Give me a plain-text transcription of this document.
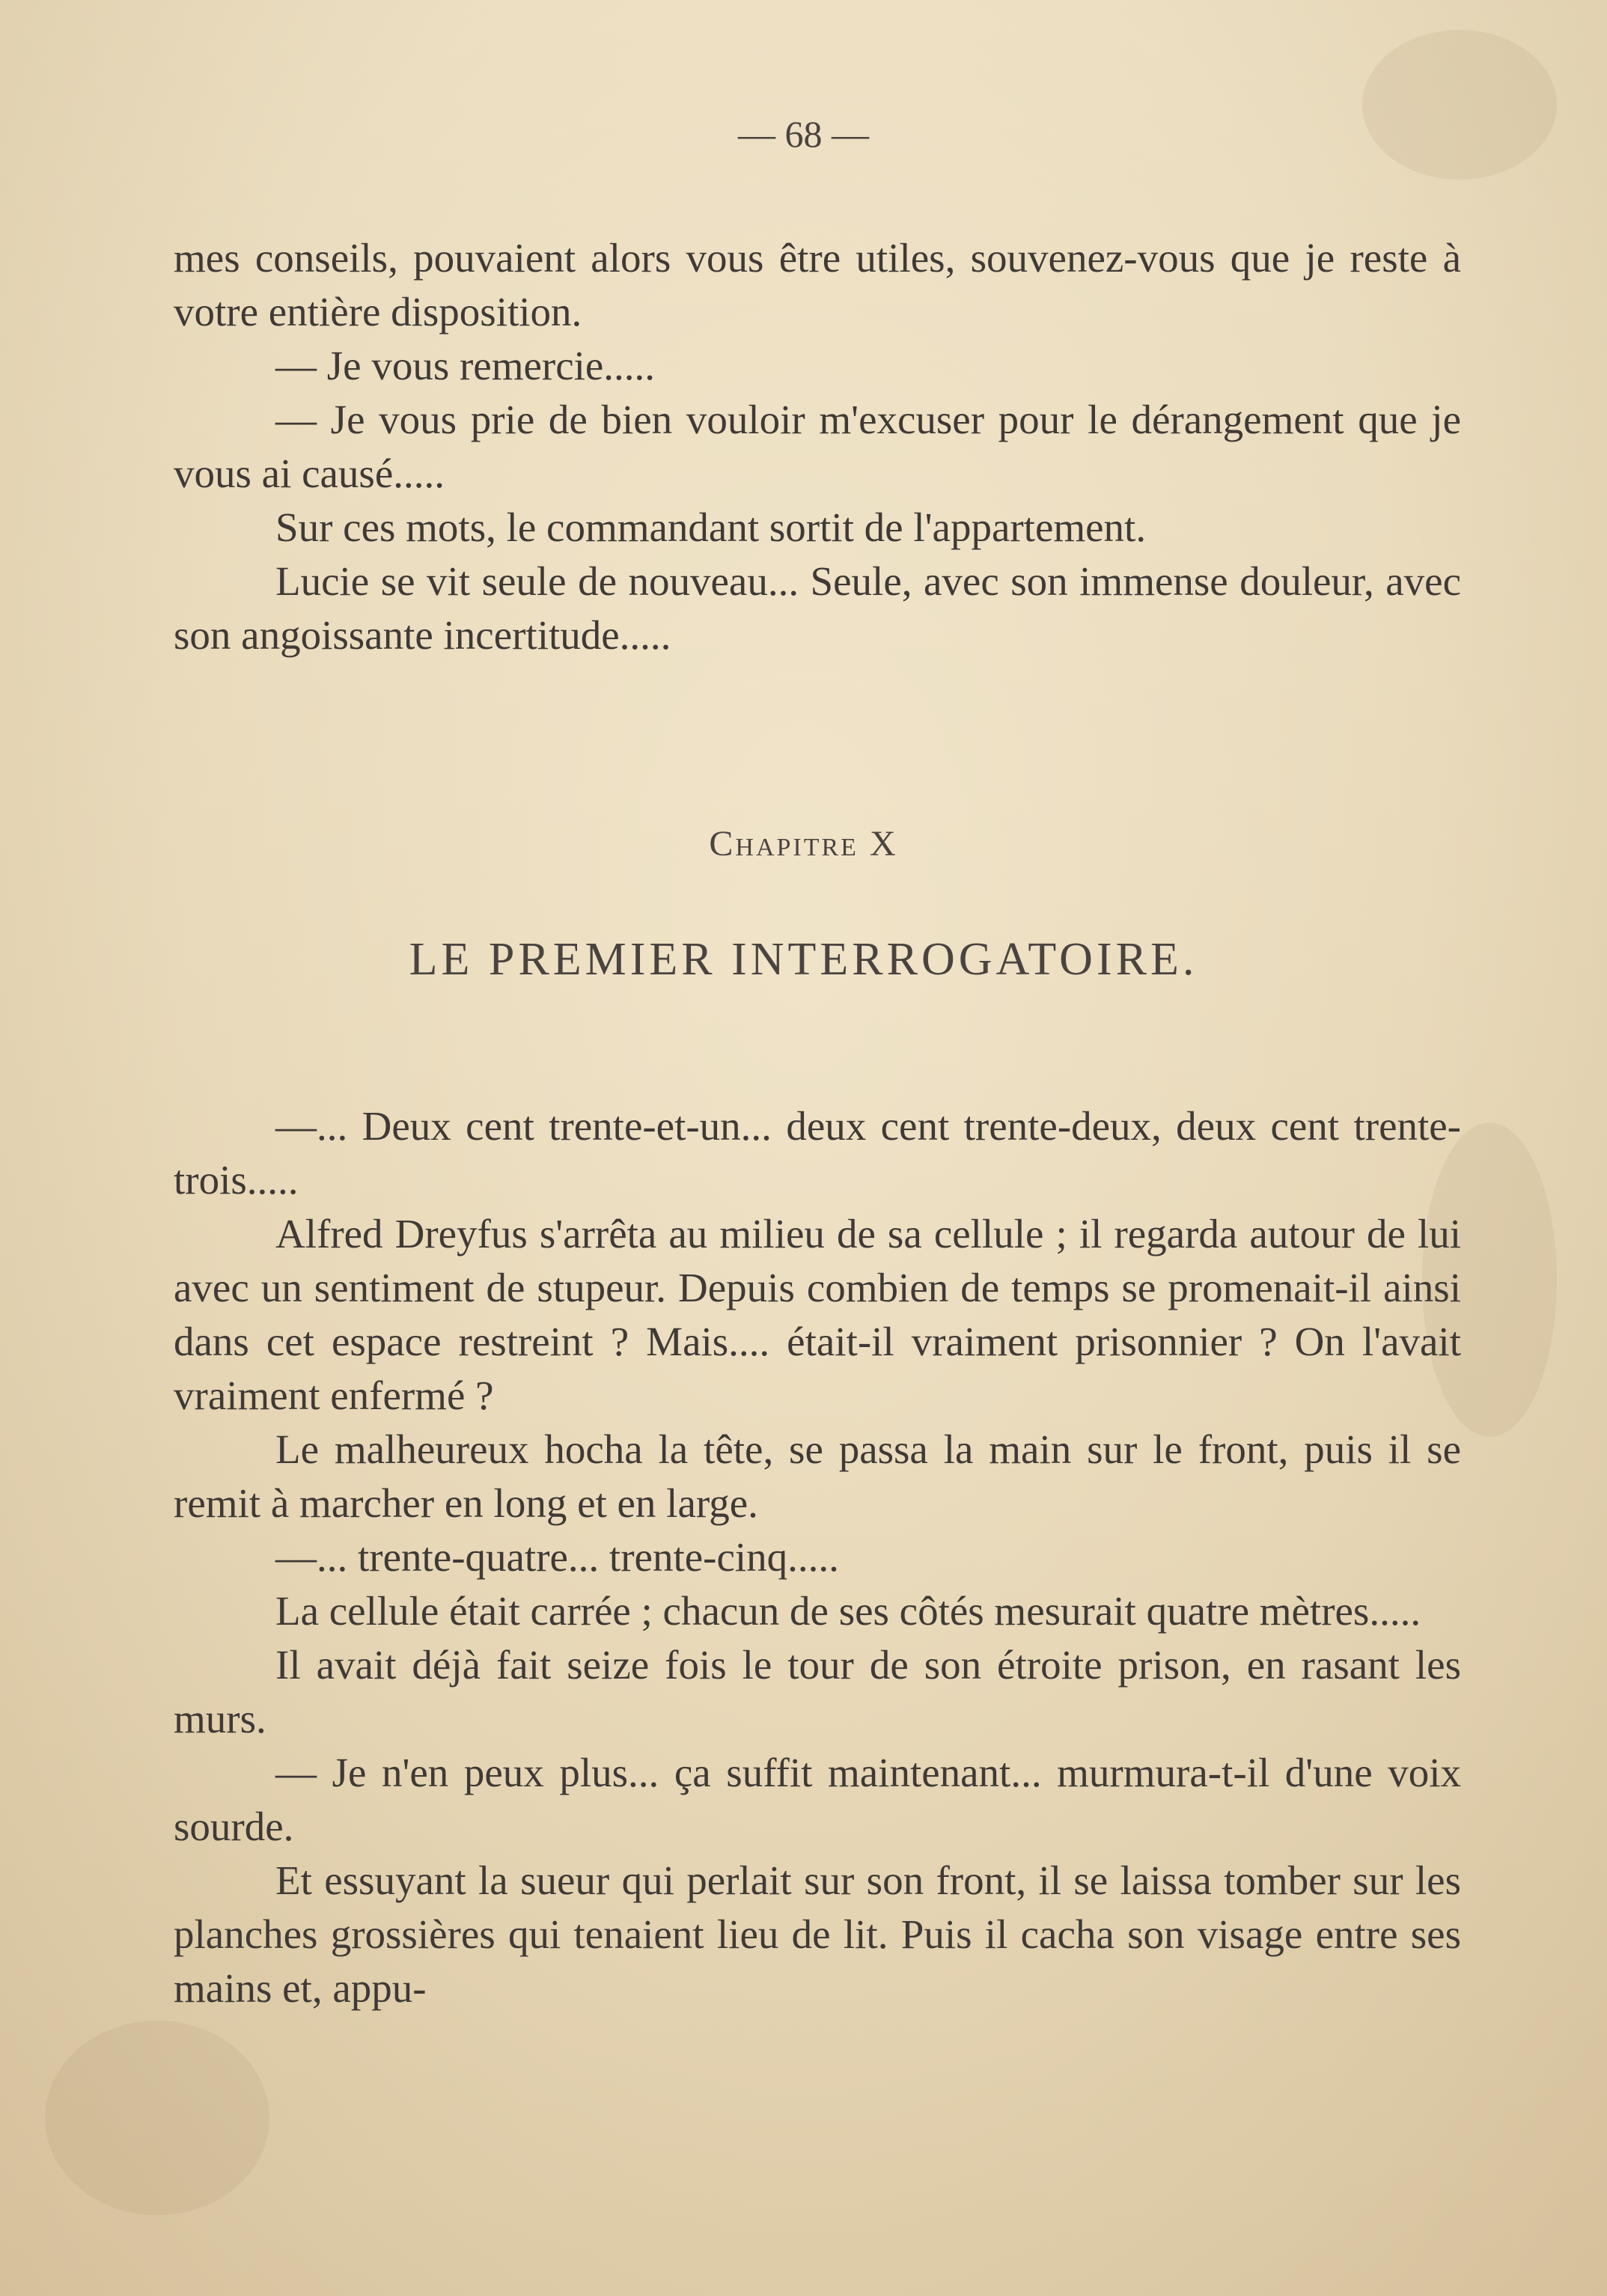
— 68 —

mes conseils, pouvaient alors vous être utiles, souvenez-vous que je reste à votre entière disposition.

— Je vous remercie.....

— Je vous prie de bien vouloir m'excuser pour le dérangement que je vous ai causé.....

Sur ces mots, le commandant sortit de l'appartement.

Lucie se vit seule de nouveau... Seule, avec son immense douleur, avec son angoissante incertitude.....

Chapitre X
LE PREMIER INTERROGATOIRE.

—... Deux cent trente-et-un... deux cent trente-deux, deux cent trente-trois.....

Alfred Dreyfus s'arrêta au milieu de sa cellule ; il regarda autour de lui avec un sentiment de stupeur. Depuis combien de temps se promenait-il ainsi dans cet espace restreint ? Mais.... était-il vraiment prisonnier ? On l'avait vraiment enfermé ?

Le malheureux hocha la tête, se passa la main sur le front, puis il se remit à marcher en long et en large.

—... trente-quatre... trente-cinq.....

La cellule était carrée ; chacun de ses côtés mesurait quatre mètres.....

Il avait déjà fait seize fois le tour de son étroite prison, en rasant les murs.

— Je n'en peux plus... ça suffit maintenant... murmura-t-il d'une voix sourde.

Et essuyant la sueur qui perlait sur son front, il se laissa tomber sur les planches grossières qui tenaient lieu de lit. Puis il cacha son visage entre ses mains et, appu-
